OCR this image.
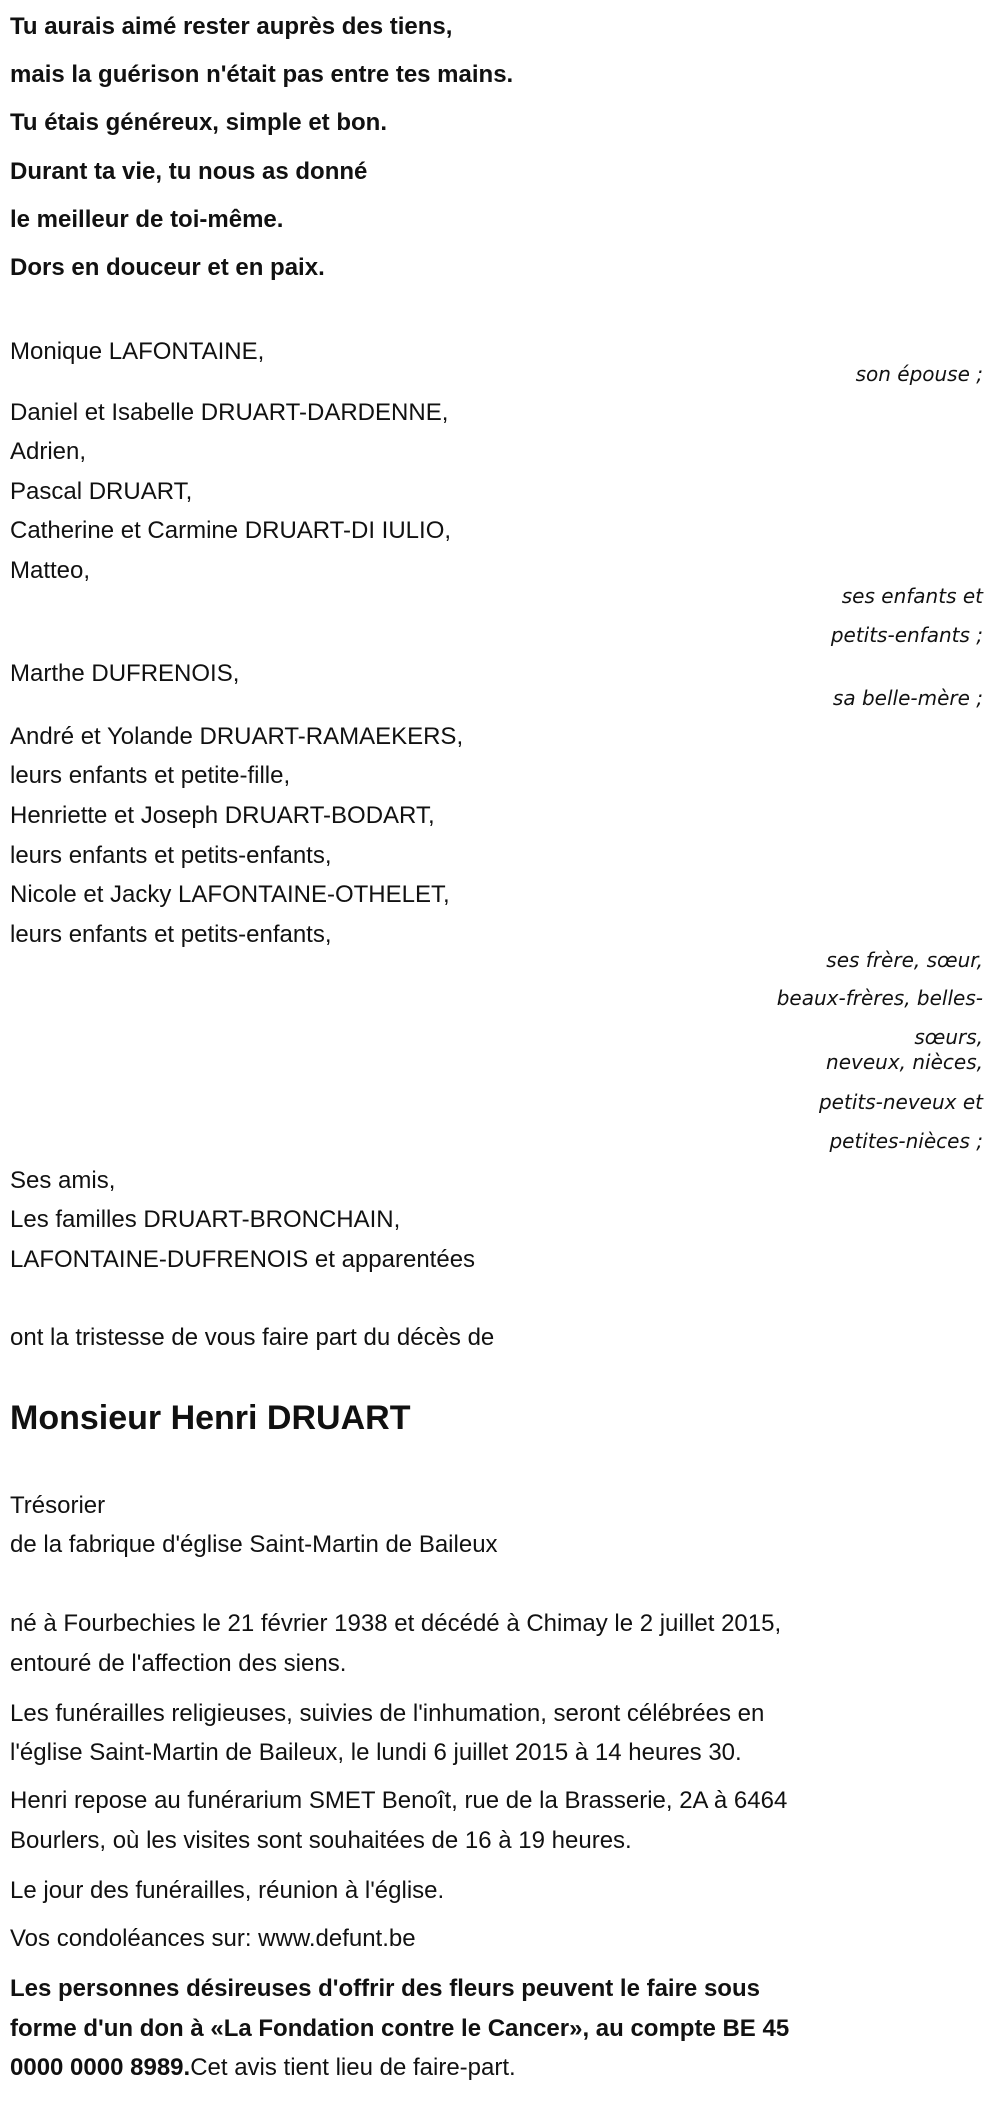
Tu aurais aimé rester auprès des tiens,
mais la guérison n'était pas entre tes mains.
Tu étais généreux, simple et bon.
Durant ta vie, tu nous as donné
le meilleur de toi-même.
Dors en douceur et en paix.
Monique LAFONTAINE,
son épouse ;
Daniel et Isabelle DRUART-DARDENNE,
Adrien,
Pascal DRUART,
Catherine et Carmine DRUART-DI IULIO,
Matteo,
ses enfants et
petits-enfants ;
Marthe DUFRENOIS,
sa belle-mère ;
André et Yolande DRUART-RAMAEKERS,
leurs enfants et petite-fille,
Henriette et Joseph DRUART-BODART,
leurs enfants et petits-enfants,
Nicole et Jacky LAFONTAINE-OTHELET,
leurs enfants et petits-enfants,
ses frère, sœur,
beaux-frères, belles-
sœurs,
neveux, nièces,
petits-neveux et
petites-nièces ;
Ses amis,
Les familles DRUART-BRONCHAIN,
LAFONTAINE-DUFRENOIS et apparentées
ont la tristesse de vous faire part du décès de
Monsieur Henri DRUART
Trésorier
de la fabrique d'église Saint-Martin de Baileux
né à Fourbechies le 21 février 1938 et décédé à Chimay le 2 juillet 2015,
entouré de l'affection des siens.
Les funérailles religieuses, suivies de l'inhumation, seront célébrées en
l'église Saint-Martin de Baileux, le lundi 6 juillet 2015 à 14 heures 30.
Henri repose au funérarium SMET Benoît, rue de la Brasserie, 2A à 6464
Bourlers, où les visites sont souhaitées de 16 à 19 heures.
Le jour des funérailles, réunion à l'église.
Vos condoléances sur: www.defunt.be
Les personnes désireuses d'offrir des fleurs peuvent le faire sous
forme d'un don à «La Fondation contre le Cancer», au compte BE 45
0000 0000 8989.Cet avis tient lieu de faire-part.
